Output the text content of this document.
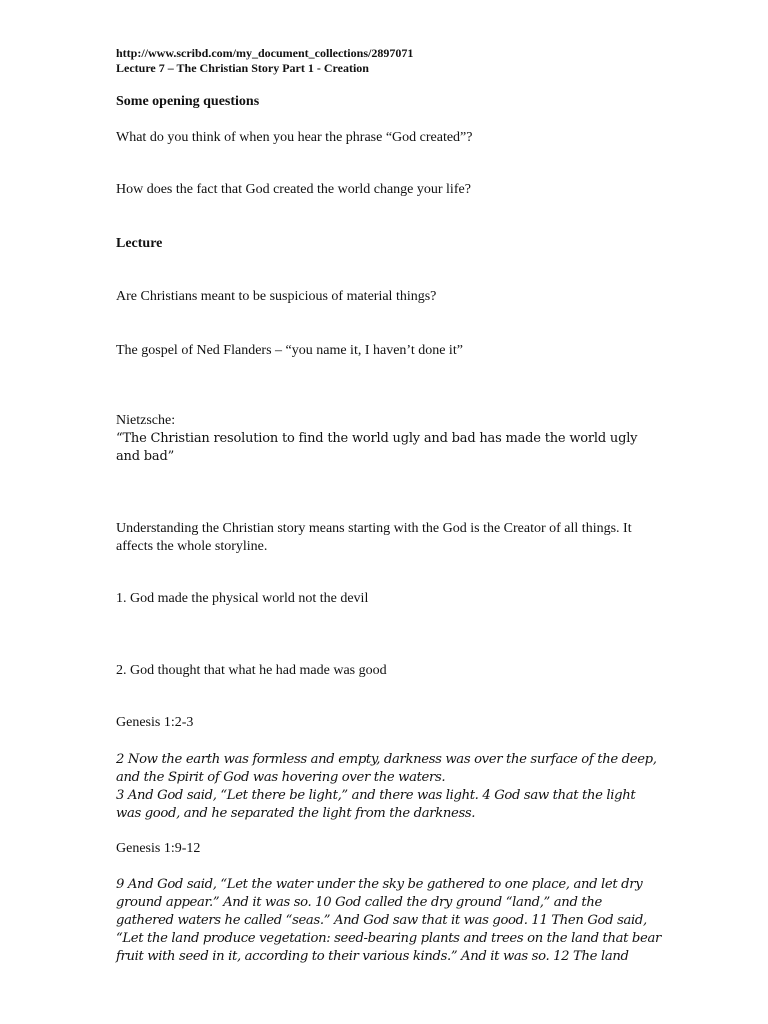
http://www.scribd.com/my_document_collections/2897071
Lecture 7 – The Christian Story Part 1 - Creation
Some opening questions
What do you think of when you hear the phrase “God created”?
How does the fact that God created the world change your life?
Lecture
Are Christians meant to be suspicious of material things?
The gospel of Ned Flanders – “you name it, I haven’t done it”
Nietzsche:
“The Christian resolution to find the world ugly and bad has made the world ugly and bad”
Understanding the Christian story means starting with the God is the Creator of all things. It affects the whole storyline.
1. God made the physical world not the devil
2. God thought that what he had made was good
Genesis 1:2-3
2 Now the earth was formless and empty, darkness was over the surface of the deep,
and the Spirit of God was hovering over the waters.
3 And God said, “Let there be light,” and there was light. 4 God saw that the light
was good, and he separated the light from the darkness.
Genesis 1:9-12
9 And God said, “Let the water under the sky be gathered to one place, and let dry
ground appear.” And it was so. 10 God called the dry ground “land,” and the
gathered waters he called “seas.” And God saw that it was good. 11 Then God said,
“Let the land produce vegetation: seed-bearing plants and trees on the land that bear
fruit with seed in it, according to their various kinds.” And it was so. 12 The land
